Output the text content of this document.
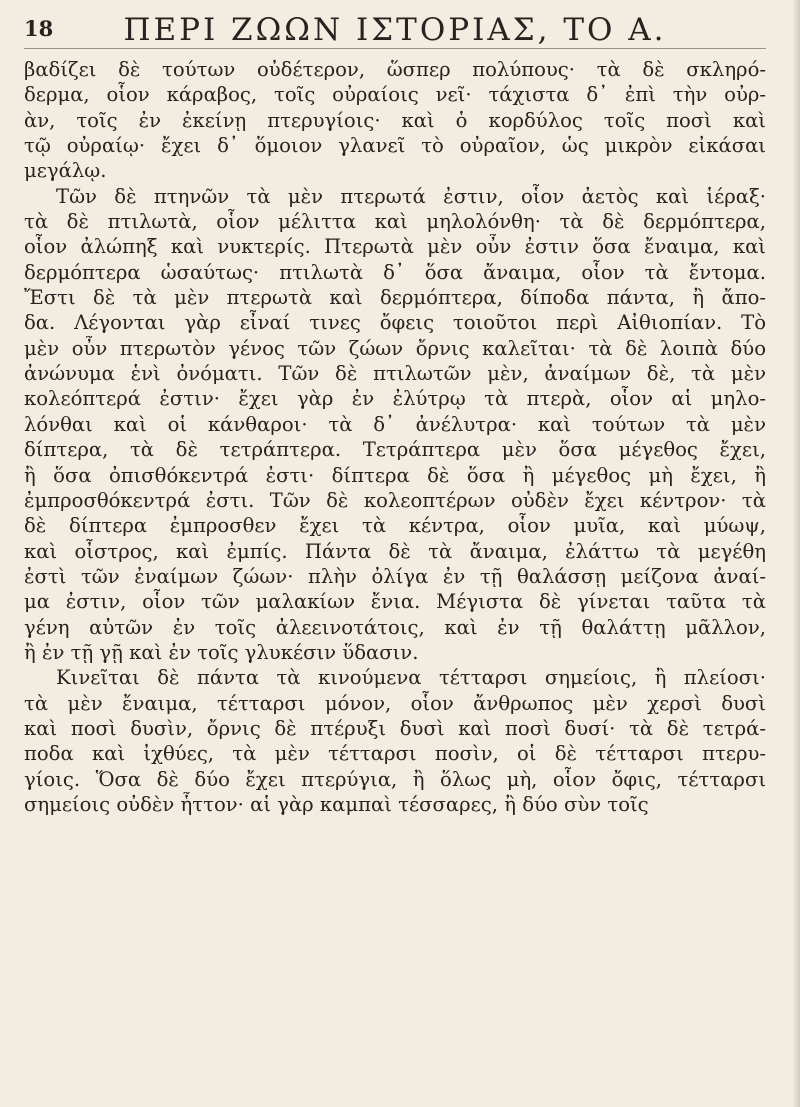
18	ΠΕΡΙ ΖΩΩΝ ΙΣΤΟΡΙΑΣ, ΤΟ Α.
βαδίζει δὲ τούτων οὐδέτερον, ὥσπερ πολύπους· τὰ δὲ σκληρό-
δερμα, οἷον κάραβος, τοῖς οὐραίοις νεῖ· τάχιστα δ᾽ ἐπὶ τὴν οὐρ-
ὰν, τοῖς ἐν ἐκείνῃ πτερυγίοις· καὶ ὁ κορδύλος τοῖς ποσὶ καὶ
τῷ οὐραίῳ· ἔχει δ᾽ ὅμοιον γλανεῖ τὸ οὐραῖον, ὡς μικρὸν εἰκάσαι
μεγάλῳ.
Τῶν δὲ πτηνῶν τὰ μὲν πτερωτά ἐστιν, οἷον ἀετὸς καὶ ἱέραξ·
τὰ δὲ πτιλωτὰ, οἷον μέλιττα καὶ μηλολόνθη· τὰ δὲ δερμόπτερα,
οἷον ἀλώπηξ καὶ νυκτερίς. Πτερωτὰ μὲν οὖν ἐστιν ὅσα ἔναιμα, καὶ
δερμόπτερα ὡσαύτως· πτιλωτὰ δ᾽ ὅσα ἄναιμα, οἷον τὰ ἔντομα.
Ἔστι δὲ τὰ μὲν πτερωτὰ καὶ δερμόπτερα, δίποδα πάντα, ἢ ἄπο-
δα. Λέγονται γὰρ εἶναί τινες ὄφεις τοιοῦτοι περὶ Αἰθιοπίαν. Τὸ
μὲν οὖν πτερωτὸν γένος τῶν ζώων ὄρνις καλεῖται· τὰ δὲ λοιπὰ δύο
ἀνώνυμα ἑνὶ ὀνόματι. Τῶν δὲ πτιλωτῶν μὲν, ἀναίμων δὲ, τὰ μὲν
κολεόπτερά ἐστιν· ἔχει γὰρ ἐν ἐλύτρῳ τὰ πτερὰ, οἷον αἱ μηλο-
λόνθαι καὶ οἱ κάνθαροι· τὰ δ᾽ ἀνέλυτρα· καὶ τούτων τὰ μὲν
δίπτερα, τὰ δὲ τετράπτερα. Τετράπτερα μὲν ὅσα μέγεθος ἔχει,
ἢ ὅσα ὀπισθόκεντρά ἐστι· δίπτερα δὲ ὅσα ἢ μέγεθος μὴ ἔχει, ἢ
ἐμπροσθόκεντρά ἐστι. Τῶν δὲ κολεοπτέρων οὐδὲν ἔχει κέντρον· τὰ
δὲ δίπτερα ἐμπροσθεν ἔχει τὰ κέντρα, οἷον μυῖα, καὶ μύωψ,
καὶ οἶστρος, καὶ ἐμπίς. Πάντα δὲ τὰ ἄναιμα, ἐλάττω τὰ μεγέθη
ἐστὶ τῶν ἐναίμων ζώων· πλὴν ὀλίγα ἐν τῇ θαλάσσῃ μείζονα ἀναί-
μα ἐστιν, οἷον τῶν μαλακίων ἔνια. Μέγιστα δὲ γίνεται ταῦτα τὰ
γένη αὐτῶν ἐν τοῖς ἀλεεινοτάτοις, καὶ ἐν τῇ θαλάττῃ μᾶλλον,
ἢ ἐν τῇ γῇ καὶ ἐν τοῖς γλυκέσιν ὕδασιν.
Κινεῖται δὲ πάντα τὰ κινούμενα τέτταρσι σημείοις, ἢ πλείοσι·
τὰ μὲν ἔναιμα, τέτταρσι μόνον, οἷον ἄνθρωπος μὲν χερσὶ δυσὶ
καὶ ποσὶ δυσὶν, ὄρνις δὲ πτέρυξι δυσὶ καὶ ποσὶ δυσί· τὰ δὲ τετρά-
ποδα καὶ ἰχθύες, τὰ μὲν τέτταρσι ποσὶν, οἱ δὲ τέτταρσι πτερυ-
γίοις. Ὅσα δὲ δύο ἔχει πτερύγια, ἢ ὅλως μὴ, οἷον ὄφις, τέτταρσι
σημείοις οὐδὲν ἧττον· αἱ γὰρ καμπαὶ τέσσαρες, ἢ δύο σὺν τοῖς
